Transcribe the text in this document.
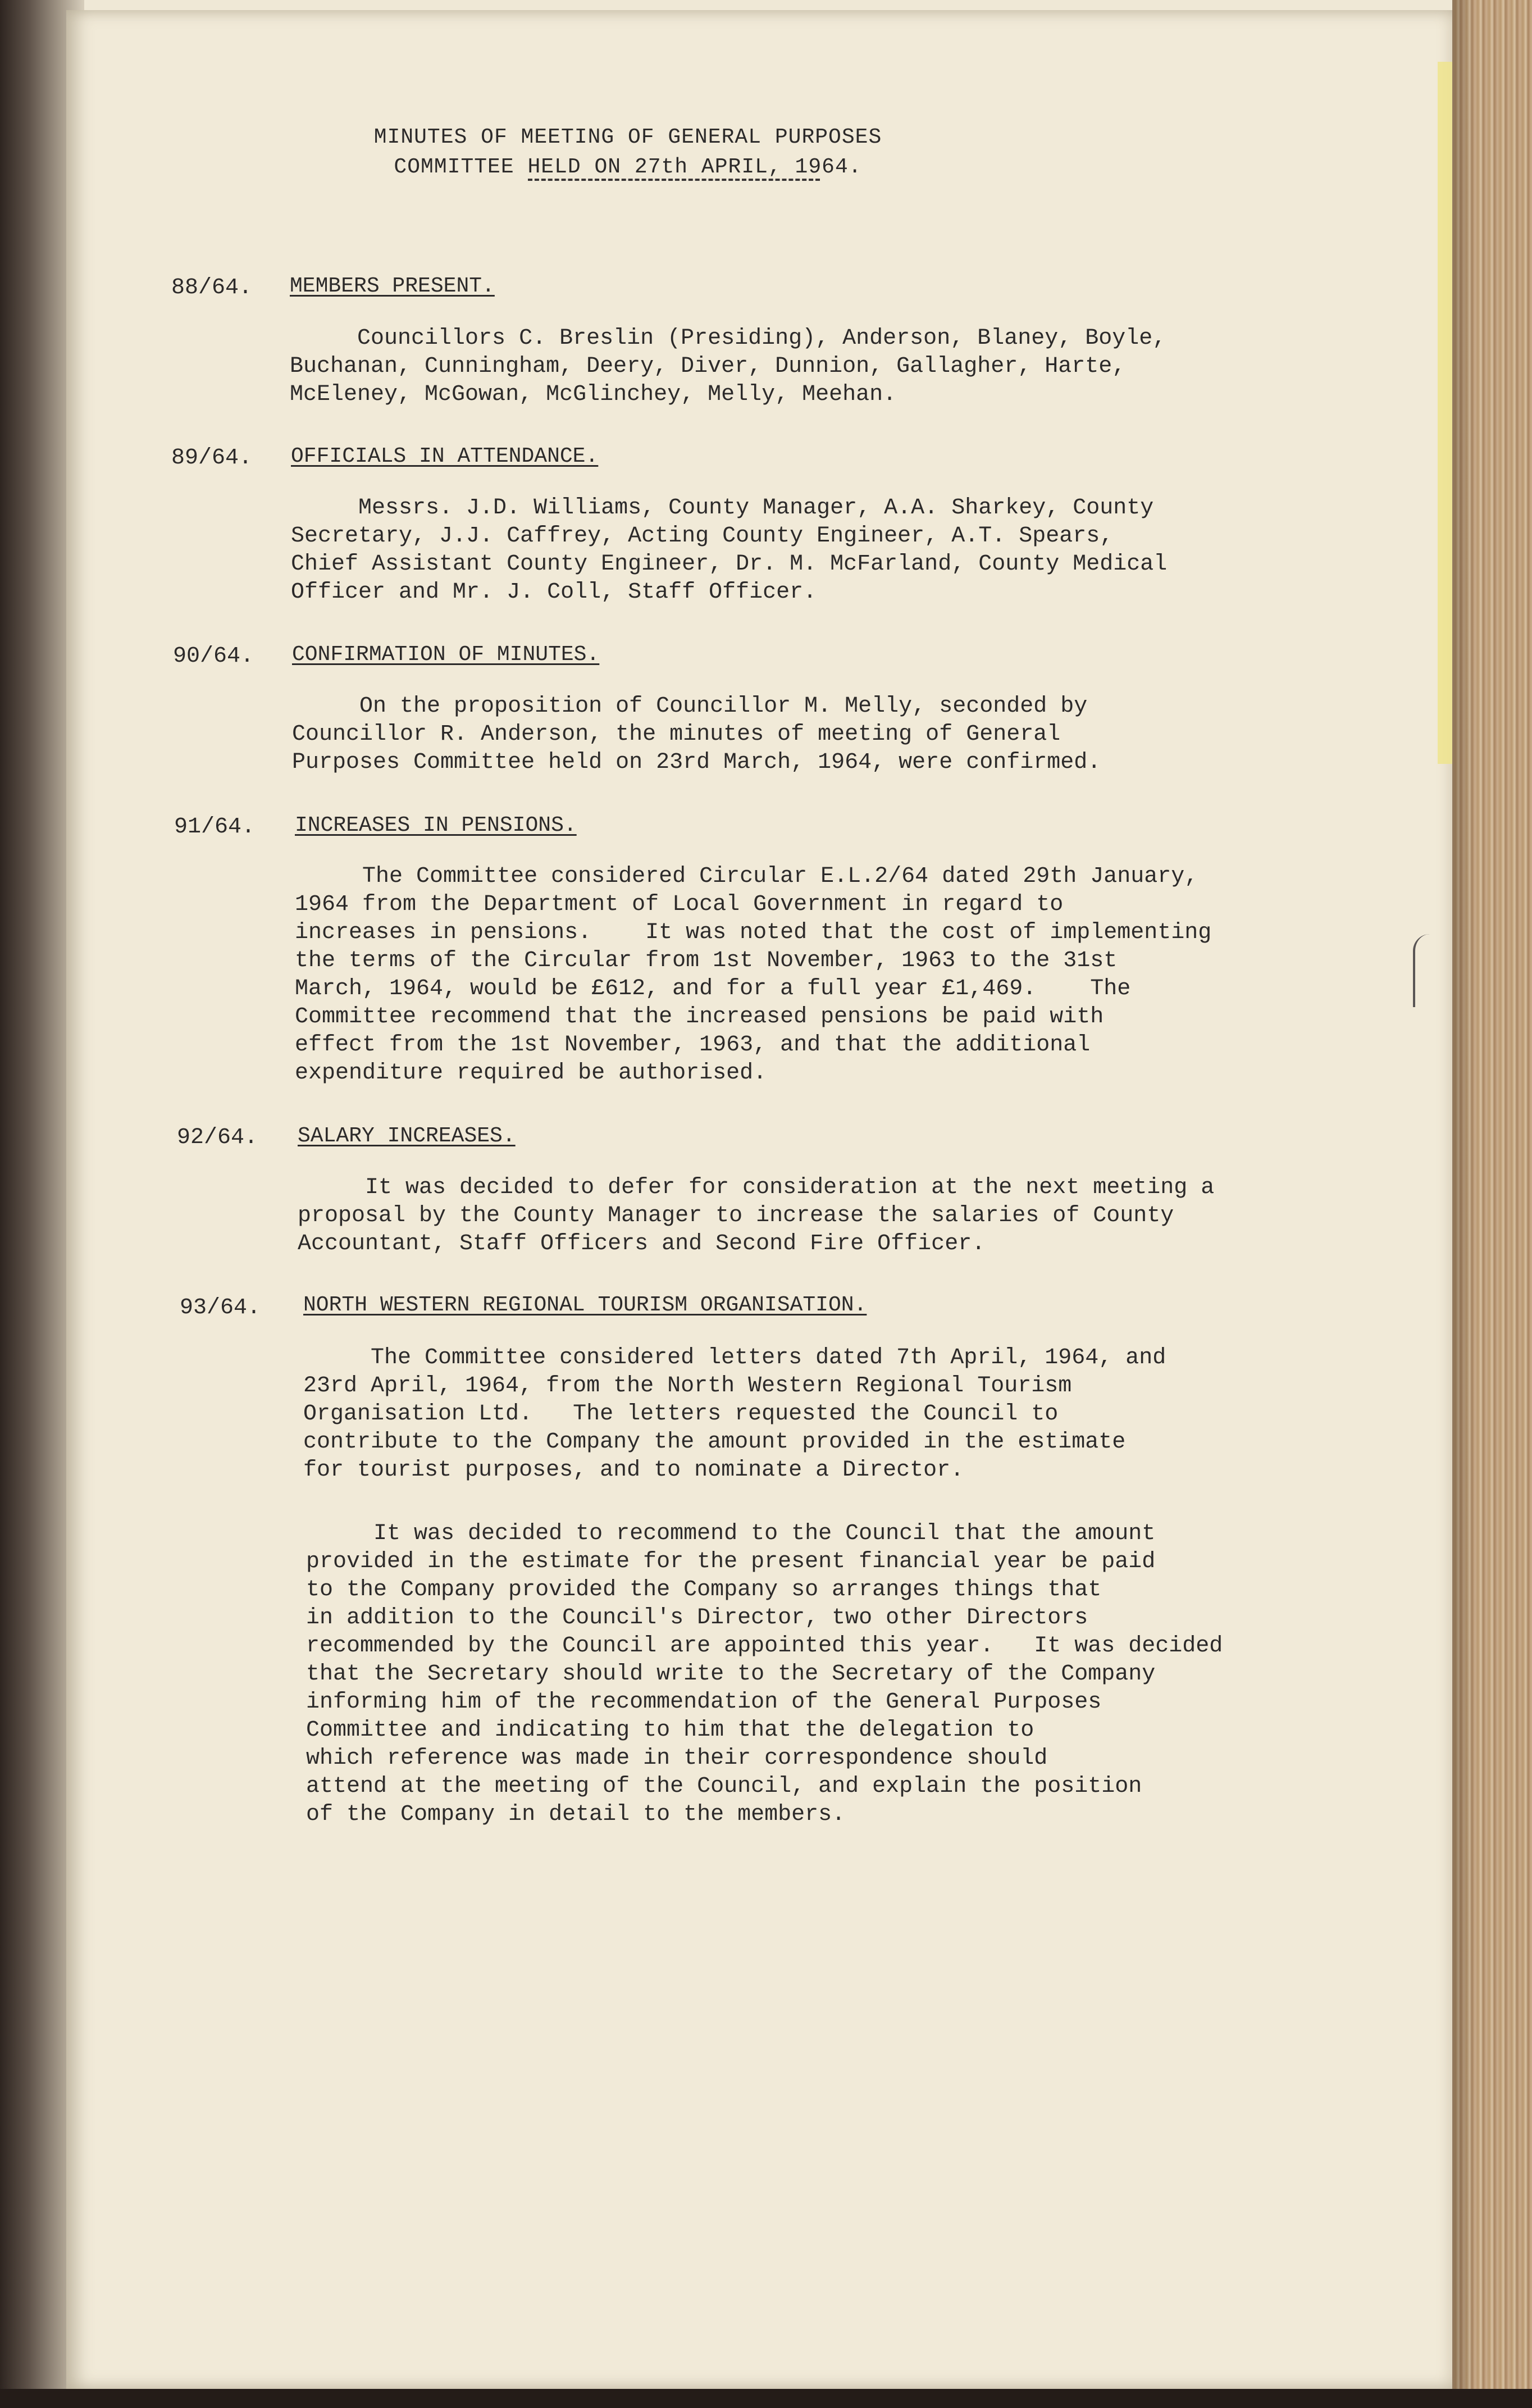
MINUTES OF MEETING OF GENERAL PURPOSES
COMMITTEE HELD ON 27th APRIL, 1964.
88/64. MEMBERS PRESENT.
Councillors C. Breslin (Presiding), Anderson, Blaney, Boyle,
Buchanan, Cunningham, Deery, Diver, Dunnion, Gallagher, Harte,
McEleney, McGowan, McGlinchey, Melly, Meehan.
89/64. OFFICIALS IN ATTENDANCE.
Messrs. J.D. Williams, County Manager, A.A. Sharkey, County
Secretary, J.J. Caffrey, Acting County Engineer, A.T. Spears,
Chief Assistant County Engineer, Dr. M. McFarland, County Medical
Officer and Mr. J. Coll, Staff Officer.
90/64. CONFIRMATION OF MINUTES.
On the proposition of Councillor M. Melly, seconded by
Councillor R. Anderson, the minutes of meeting of General
Purposes Committee held on 23rd March, 1964, were confirmed.
91/64. INCREASES IN PENSIONS.
The Committee considered Circular E.L.2/64 dated 29th January,
1964 from the Department of Local Government in regard to
increases in pensions.    It was noted that the cost of implementing
the terms of the Circular from 1st November, 1963 to the 31st
March, 1964, would be £612, and for a full year £1,469.    The
Committee recommend that the increased pensions be paid with
effect from the 1st November, 1963, and that the additional
expenditure required be authorised.
92/64. SALARY INCREASES.
It was decided to defer for consideration at the next meeting a
proposal by the County Manager to increase the salaries of County
Accountant, Staff Officers and Second Fire Officer.
93/64. NORTH WESTERN REGIONAL TOURISM ORGANISATION.
The Committee considered letters dated 7th April, 1964, and
23rd April, 1964, from the North Western Regional Tourism
Organisation Ltd.   The letters requested the Council to
contribute to the Company the amount provided in the estimate
for tourist purposes, and to nominate a Director.
It was decided to recommend to the Council that the amount
provided in the estimate for the present financial year be paid
to the Company provided the Company so arranges things that
in addition to the Council's Director, two other Directors
recommended by the Council are appointed this year.   It was decided
that the Secretary should write to the Secretary of the Company
informing him of the recommendation of the General Purposes
Committee and indicating to him that the delegation to
which reference was made in their correspondence should
attend at the meeting of the Council, and explain the position
of the Company in detail to the members.
